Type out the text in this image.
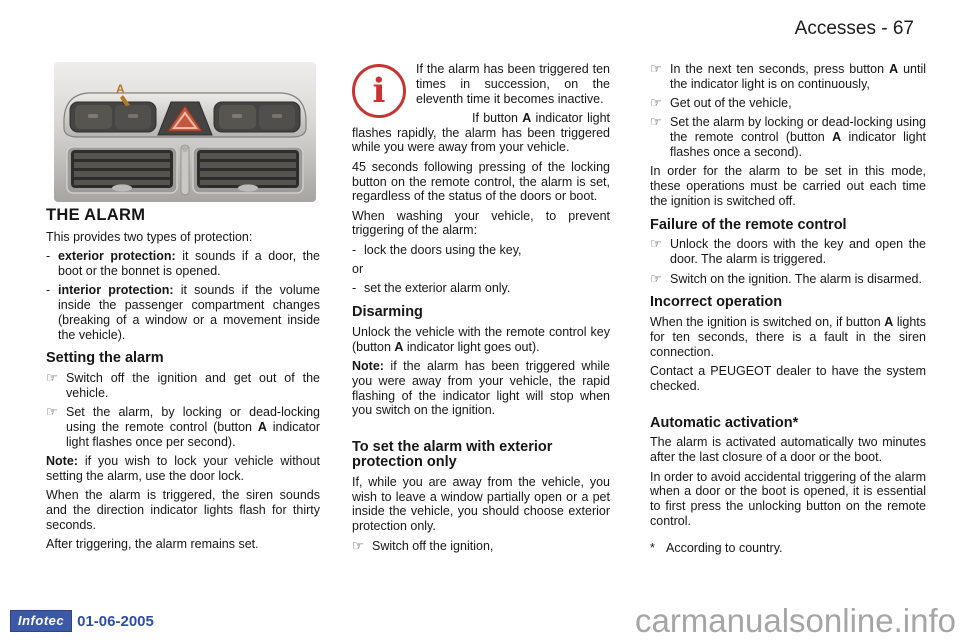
Accesses - 67
A
THE ALARM

This provides two types of protection:

- exterior protection: it sounds if a door, the boot or the bonnet is opened.
- interior protection: it sounds if the volume inside the passenger compartment changes (breaking of a window or a movement inside the vehicle).
Setting the alarm
☞ Switch off the ignition and get out of the vehicle.
☞ Set the alarm, by locking or dead-locking using the remote control (button A indicator light flashes once per second).

Note: if you wish to lock your vehicle without setting the alarm, use the door lock.

When the alarm is triggered, the siren sounds and the direction indicator lights flash for thirty seconds.

After triggering, the alarm remains set.

i

If the alarm has been triggered ten times in succession, on the eleventh time it becomes inactive.

If button A indicator light flashes rapidly, the alarm has been triggered while you were away from your vehicle.

45 seconds following pressing of the locking button on the remote control, the alarm is set, regardless of the status of the doors or boot.

When washing your vehicle, to prevent triggering of the alarm:

- lock the doors using the key,

or

- set the exterior alarm only.
Disarming

Unlock the vehicle with the remote control key (button A indicator light goes out).

Note: if the alarm has been triggered while you were away from your vehicle, the rapid flashing of the indicator light will stop when you switch on the ignition.

To set the alarm with exterior protection only

If, while you are away from the vehicle, you wish to leave a window partially open or a pet inside the vehicle, you should choose exterior protection only.

☞ Switch off the ignition,
☞ In the next ten seconds, press button A until the indicator light is on continuously,
☞ Get out of the vehicle,
☞ Set the alarm by locking or dead-locking using the remote control (button A indicator light flashes once a second).

In order for the alarm to be set in this mode, these operations must be carried out each time the ignition is switched off.

Failure of the remote control
☞ Unlock the doors with the key and open the door. The alarm is triggered.
☞ Switch on the ignition. The alarm is disarmed.
Incorrect operation

When the ignition is switched on, if button A lights for ten seconds, there is a fault in the siren connection.

Contact a PEUGEOT dealer to have the system checked.

Automatic activation*

The alarm is activated automatically two minutes after the last closure of a door or the boot.

In order to avoid accidental triggering of the alarm when a door or the boot is opened, it is essential to first press the unlocking button on the remote control.

* According to country.
Infotec 01-06-2005	carmanualsonline.info
